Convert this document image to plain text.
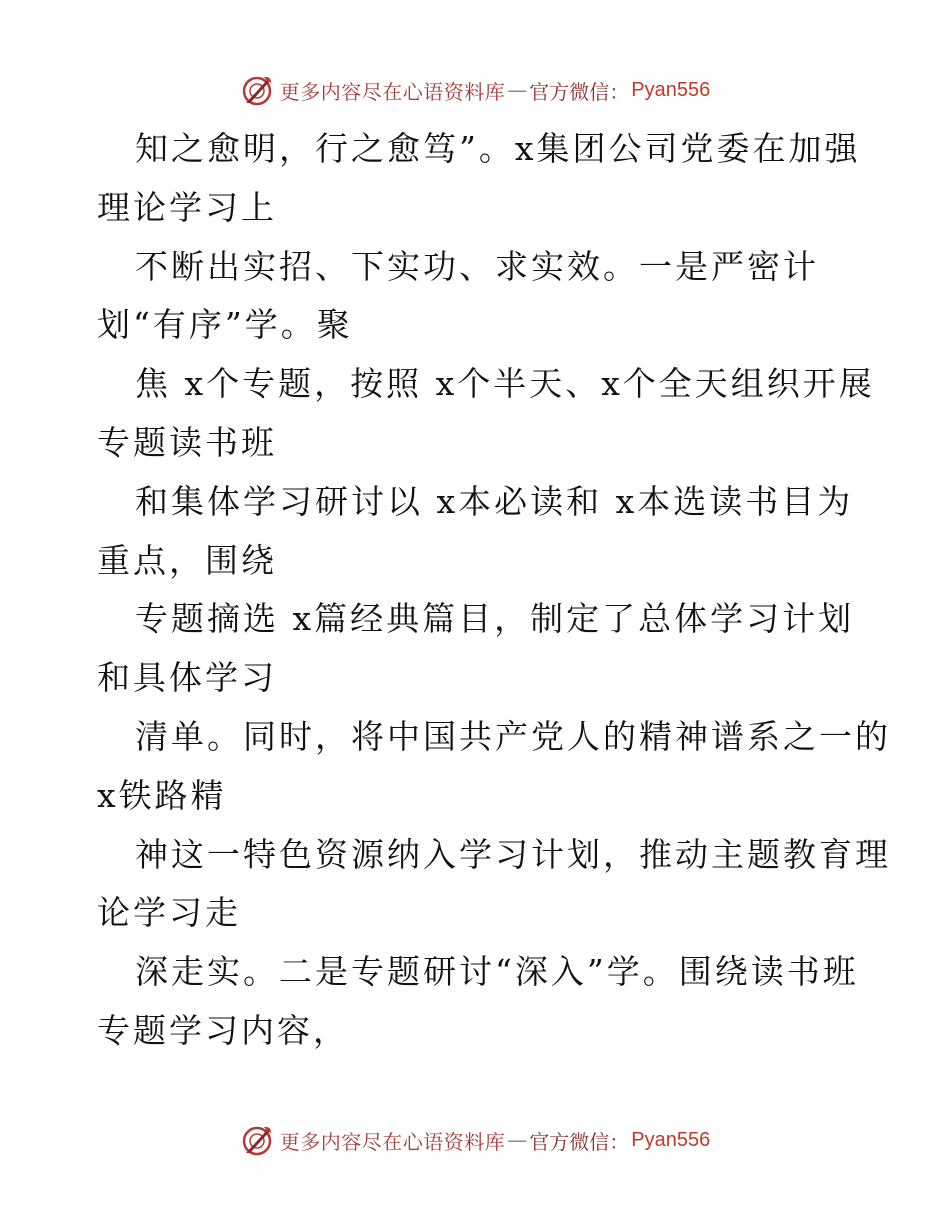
更多内容尽在心语资料库 — 官方微信： Pyan556
知之愈明，行之愈笃”。x集团公司党委在加强
理论学习上
不断出实招、下实功、求实效。一是严密计
划“有序”学。聚
焦 x个专题，按照 x个半天、x个全天组织开展
专题读书班
和集体学习研讨以 x本必读和 x本选读书目为
重点，围绕
专题摘选 x篇经典篇目，制定了总体学习计划
和具体学习
清单。同时，将中国共产党人的精神谱系之一的
x铁路精
神这一特色资源纳入学习计划，推动主题教育理
论学习走
深走实。二是专题研讨“深入”学。围绕读书班
专题学习内容，
更多内容尽在心语资料库 — 官方微信： Pyan556
